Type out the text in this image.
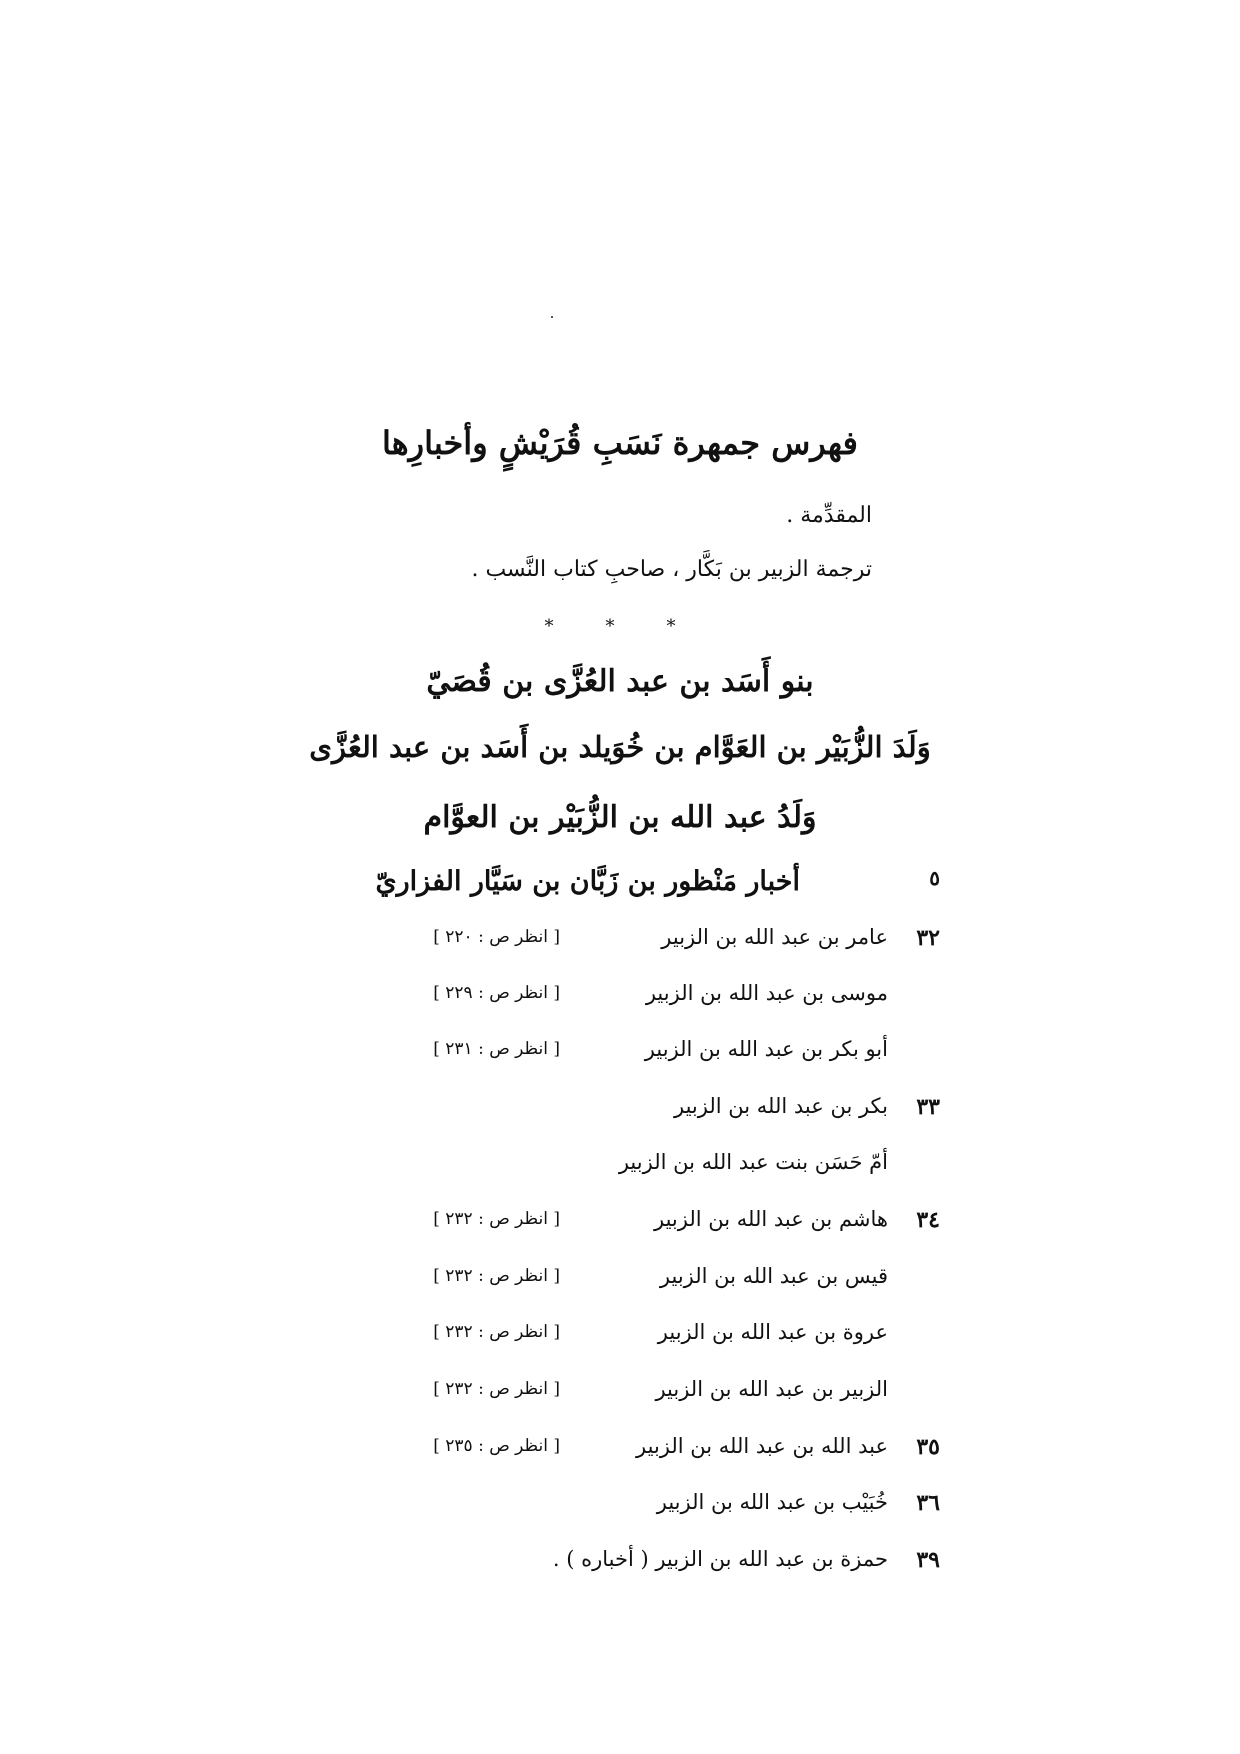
فهرس جمهرة نَسَبِ قُرَيْشٍ وأخبارِها
المقدِّمة .
ترجمة الزبير بن بَكَّار ، صاحبِ كتاب النَّسب .
*	*	*
بنو أَسَد بن عبد العُزَّى بن قُصَيّ
وَلَدَ الزُّبَيْر بن العَوَّام بن خُوَيلد بن أَسَد بن عبد العُزَّى
وَلَدُ عبد الله بن الزُّبَيْر بن العوَّام
٥
أخبار مَنْظور بن زَبَّان بن سَيَّار الفزاريّ
٣٢
عامر بن عبد الله بن الزبير
[ انظر ص : ٢٢٠ ]
موسى بن عبد الله بن الزبير
[ انظر ص : ٢٢٩ ]
أبو بكر بن عبد الله بن الزبير
[ انظر ص : ٢٣١ ]
٣٣
بكر بن عبد الله بن الزبير
أمّ حَسَن بنت عبد الله بن الزبير
٣٤
هاشم بن عبد الله بن الزبير
[ انظر ص : ٢٣٢ ]
قيس بن عبد الله بن الزبير
[ انظر ص : ٢٣٢ ]
عروة بن عبد الله بن الزبير
[ انظر ص : ٢٣٢ ]
الزبير بن عبد الله بن الزبير
[ انظر ص : ٢٣٢ ]
٣٥
عبد الله بن عبد الله بن الزبير
[ انظر ص : ٢٣٥ ]
٣٦
خُبَيْب بن عبد الله بن الزبير
٣٩
حمزة بن عبد الله بن الزبير ( أخباره ) .
